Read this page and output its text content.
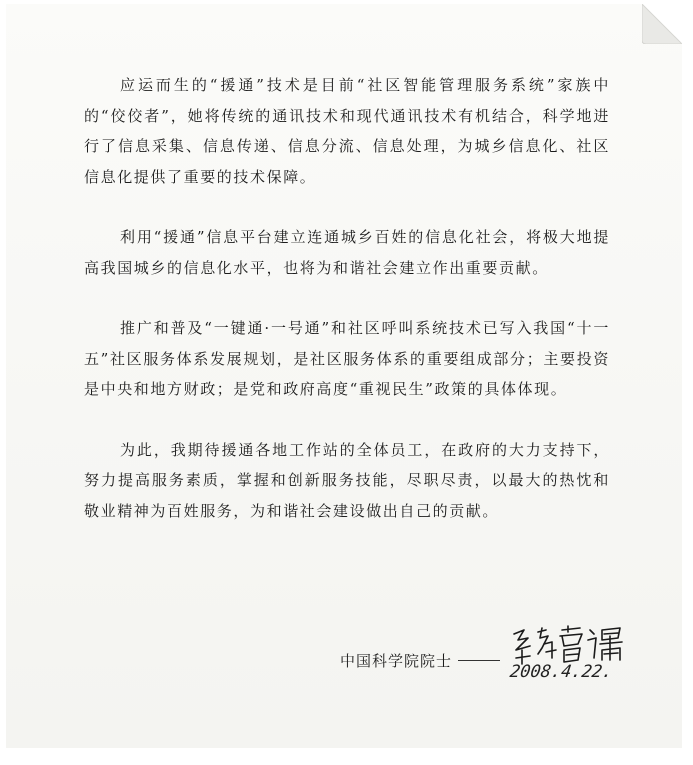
应运而生的“援通”技术是目前“社区智能管理服务系统”家族中的“佼佼者”，她将传统的通讯技术和现代通讯技术有机结合，科学地进行了信息采集、信息传递、信息分流、信息处理，为城乡信息化、社区信息化提供了重要的技术保障。

利用“援通”信息平台建立连通城乡百姓的信息化社会，将极大地提高我国城乡的信息化水平，也将为和谐社会建立作出重要贡献。

推广和普及“一键通·一号通”和社区呼叫系统技术已写入我国“十一五”社区服务体系发展规划，是社区服务体系的重要组成部分；主要投资是中央和地方财政；是党和政府高度“重视民生”政策的具体体现。

为此，我期待援通各地工作站的全体员工，在政府的大力支持下，努力提高服务素质，掌握和创新服务技能，尽职尽责，以最大的热忱和敬业精神为百姓服务，为和谐社会建设做出自己的贡献。

中国科学院院士
2008.4.22.
